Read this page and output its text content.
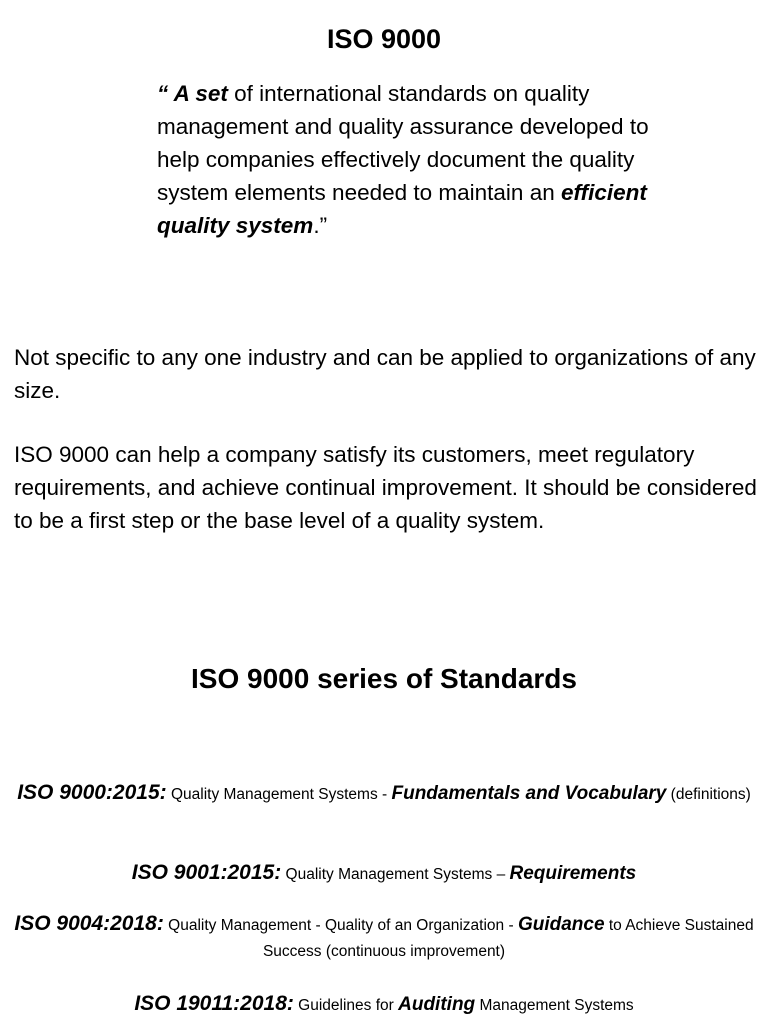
ISO 9000
“ A set of international standards on quality management and quality assurance developed to help companies effectively document the quality system elements needed to maintain an efficient quality system.”
Not specific to any one industry and can be applied to organizations of any size.
ISO 9000 can help a company satisfy its customers, meet regulatory requirements, and achieve continual improvement. It should be considered to be a first step or the base level of a quality system.
ISO 9000 series of Standards
ISO 9000:2015: Quality Management Systems - Fundamentals and Vocabulary (definitions)
ISO 9001:2015: Quality Management Systems – Requirements
ISO 9004:2018: Quality Management - Quality of an Organization - Guidance to Achieve Sustained Success (continuous improvement)
ISO 19011:2018: Guidelines for Auditing Management Systems
